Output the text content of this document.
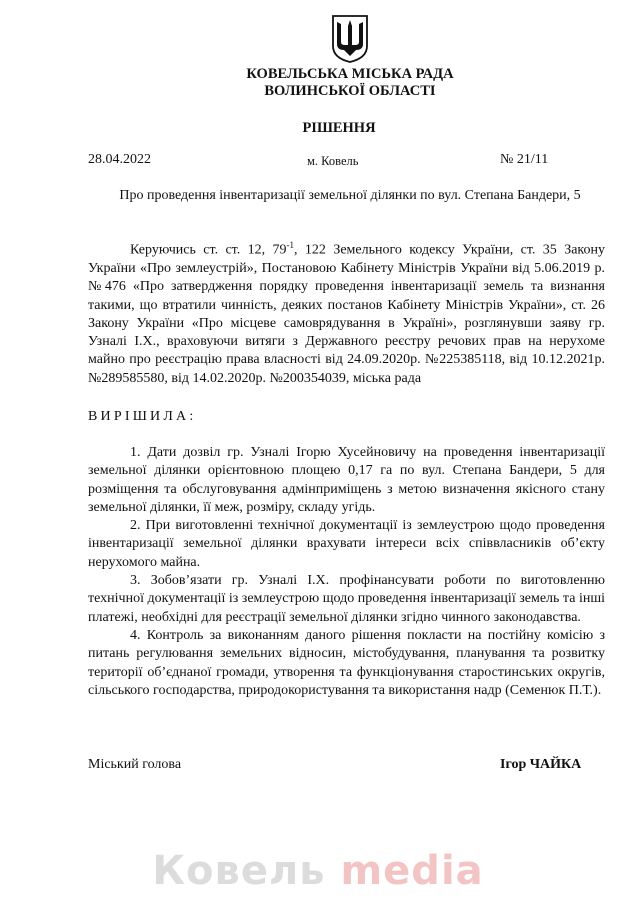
КОВЕЛЬСЬКА МІСЬКА РАДА
ВОЛИНСЬКОЇ ОБЛАСТІ
РІШЕННЯ
28.04.2022	м. Ковель	№ 21/11
Про проведення інвентаризації земельної ділянки по вул. Степана Бандери, 5

Керуючись ст. ст. 12, $79^{-1}$, 122 Земельного кодексу України, ст. 35 Закону України «Про землеустрій», Постановою Кабінету Міністрів України від 5.06.2019 р. №476 «Про затвердження порядку проведення інвентаризації земель та визнання такими, що втратили чинність, деяких постанов Кабінету Міністрів України», ст. 26 Закону України «Про місцеве самоврядування в Україні», розглянувши заяву гр. Узналі І.Х., враховуючи витяги з Державного реєстру речових прав на нерухоме майно про реєстрацію права власності від 24.09.2020р. №225385118, від 10.12.2021р. №289585580, від 14.02.2020р. №200354039, міська рада

ВИРІШИЛА:

1. Дати дозвіл гр. Узналі Ігорю Хусейновичу на проведення інвентаризації земельної ділянки орієнтовною площею 0,17 га по вул. Степана Бандери, 5 для розміщення та обслуговування адмінприміщень з метою визначення якісного стану земельної ділянки, її меж, розміру, складу угідь.

2. При виготовленні технічної документації із землеустрою щодо проведення інвентаризації земельної ділянки врахувати інтереси всіх співвласників об’єкту нерухомого майна.

3. Зобов’язати гр. Узналі І.Х. профінансувати роботи по виготовленню технічної документації із землеустрою щодо проведення інвентаризації земель та інші платежі, необхідні для реєстрації земельної ділянки згідно чинного законодавства.

4. Контроль за виконанням даного рішення покласти на постійну комісію з питань регулювання земельних відносин, містобудування, планування та розвитку території об’єднаної громади, утворення та функціонування старостинських округів, сільського господарства, природокористування та використання надр (Семенюк П.Т.).

Міський голова	Ігор ЧАЙКА
Ковель media
